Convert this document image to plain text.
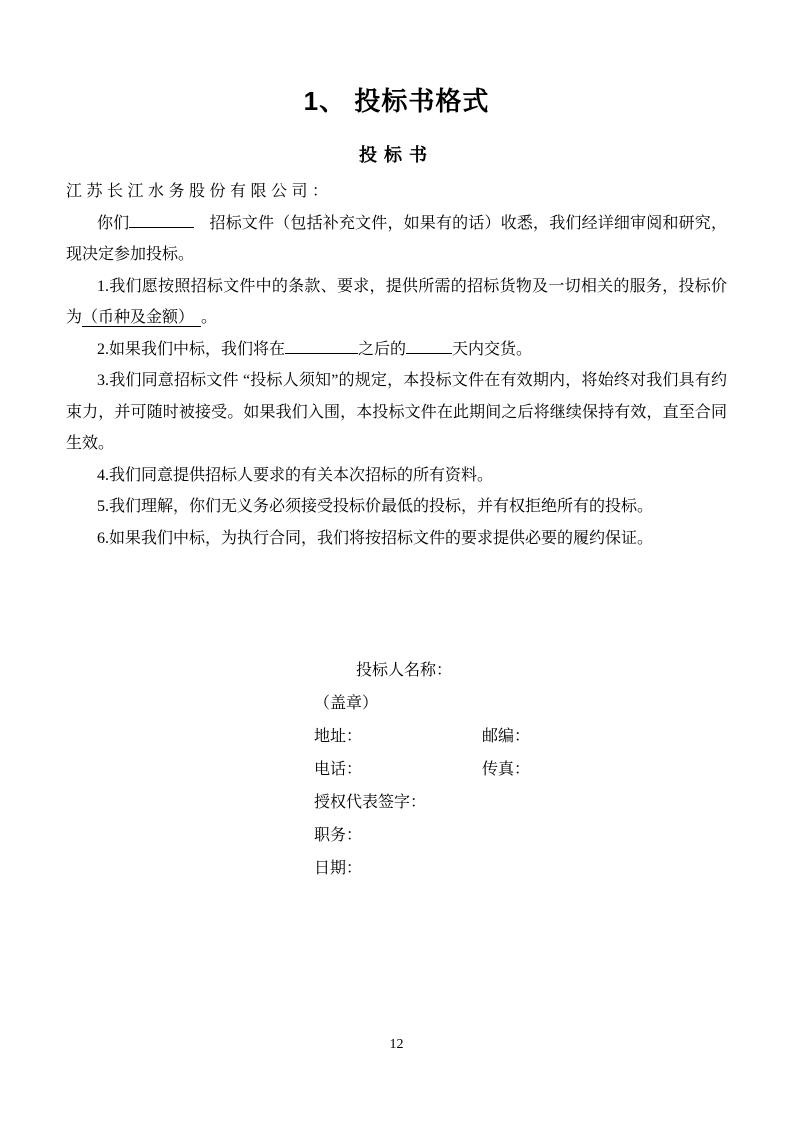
1、 投标书格式
投标书

江苏长江水务股份有限公司：

你们	招标文件（包括补充文件，如果有的话）收悉，我们经详细审阅和研究，现决定参加投标。

1.我们愿按照招标文件中的条款、要求，提供所需的招标货物及一切相关的服务，投标价为（币种及金额） 。

2.如果我们中标，我们将在	之后的	天内交货。

3.我们同意招标文件 “投标人须知”的规定，本投标文件在有效期内，将始终对我们具有约束力，并可随时被接受。如果我们入围，本投标文件在此期间之后将继续保持有效，直至合同生效。

4.我们同意提供招标人要求的有关本次招标的所有资料。

5.我们理解，你们无义务必须接受投标价最低的投标，并有权拒绝所有的投标。

6.如果我们中标，为执行合同，我们将按招标文件的要求提供必要的履约保证。

投标人名称：
（盖章）
地址：	邮编：
电话：	传真：
授权代表签字：
职务：
日期：
12
